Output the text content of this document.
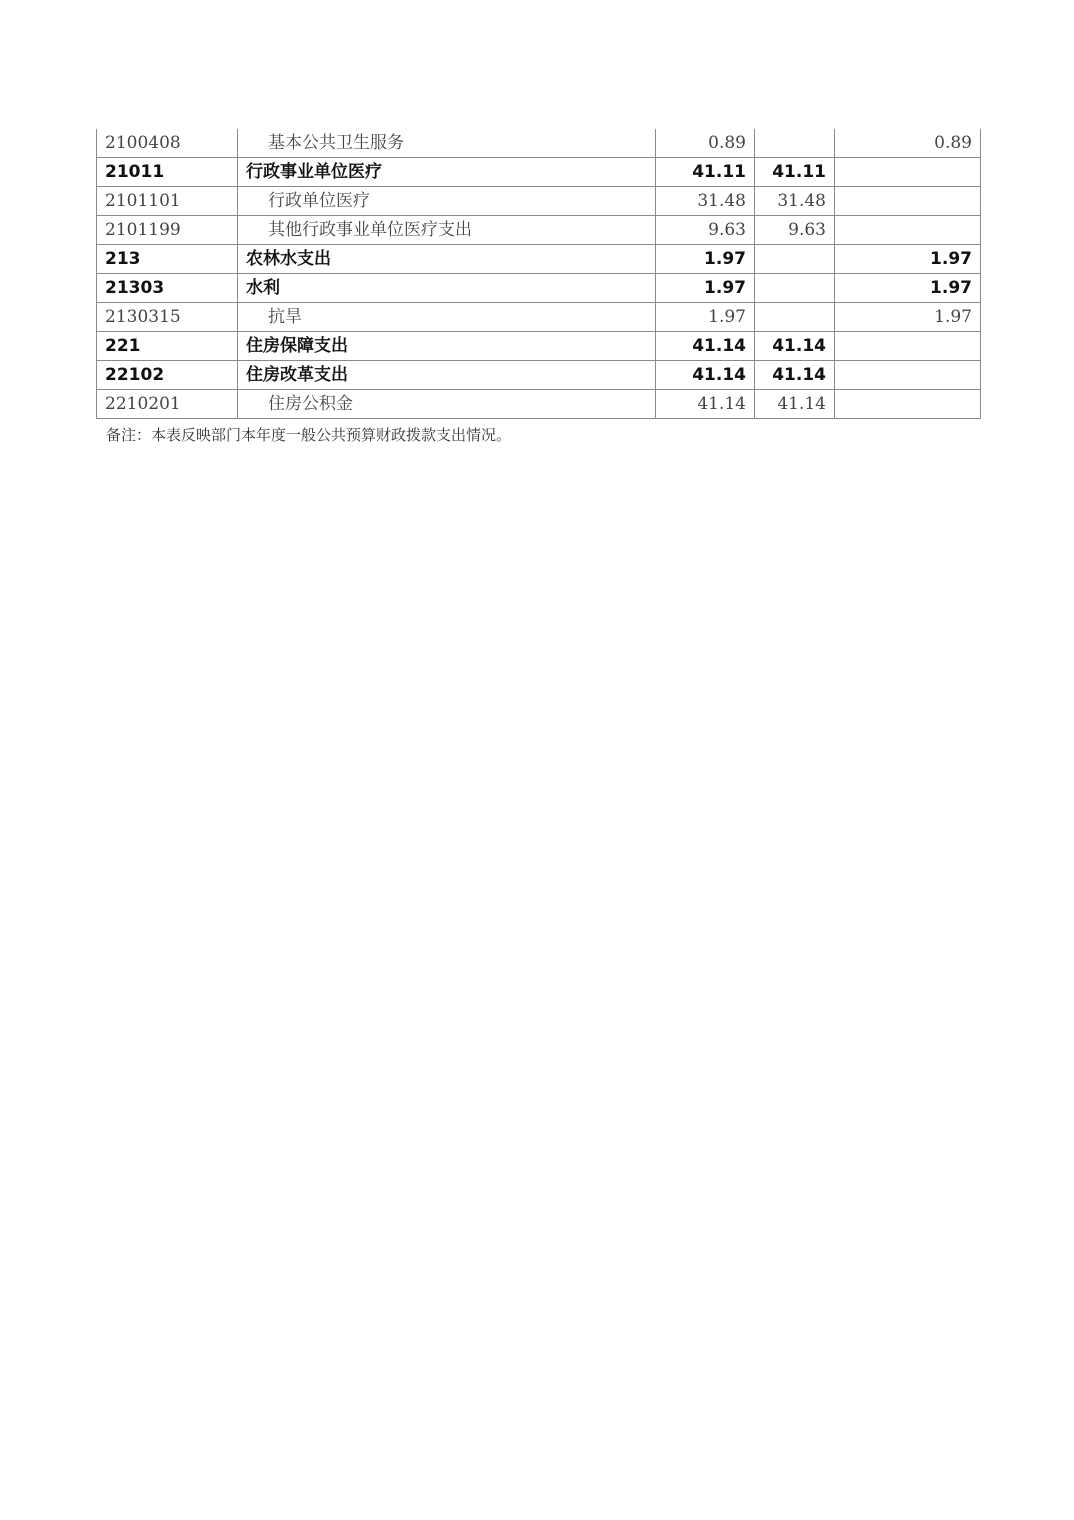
2100408	基本公共卫生服务	0.89		0.89
21011	行政事业单位医疗	41.11	41.11	
2101101	行政单位医疗	31.48	31.48	
2101199	其他行政事业单位医疗支出	9.63	9.63	
213	农林水支出	1.97		1.97
21303	水利	1.97		1.97
2130315	抗旱	1.97		1.97
221	住房保障支出	41.14	41.14	
22102	住房改革支出	41.14	41.14	
2210201	住房公积金	41.14	41.14	
备注：本表反映部门本年度一般公共预算财政拨款支出情况。
